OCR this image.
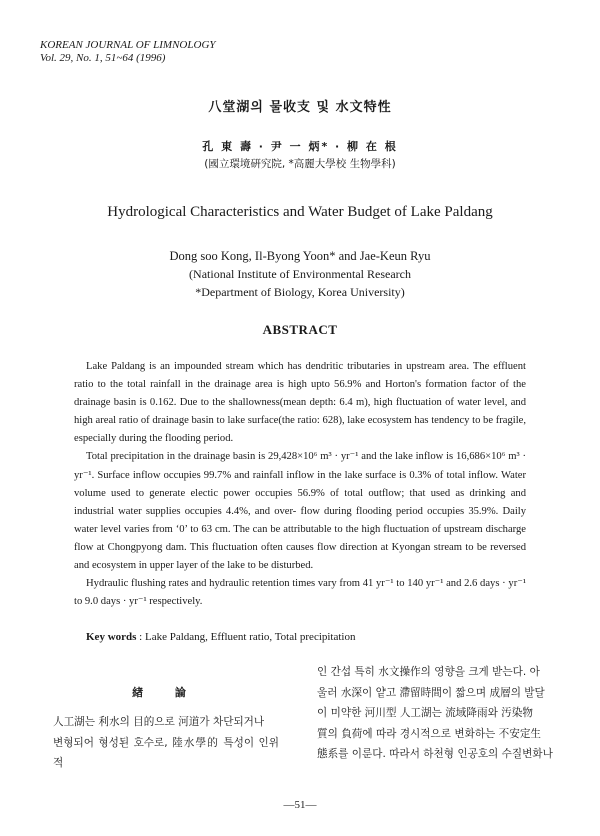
KOREAN JOURNAL OF LIMNOLOGY
Vol. 29, No. 1, 51~64 (1996)
八堂湖의 물收支 및 水文特性
孔 東 壽 · 尹 一 炳* · 柳 在 根
(國立環境硏究院, *高麗大學校 生物學科)
Hydrological Characteristics and Water Budget of Lake Paldang
Dong soo Kong, Il-Byong Yoon* and Jae-Keun Ryu
(National Institute of Environmental Research
*Department of Biology, Korea University)
ABSTRACT

Lake Paldang is an impounded stream which has dendritic tributaries in upstream area. The effluent ratio to the total rainfall in the drainage area is high upto 56.9% and Horton's formation factor of the drainage basin is 0.162. Due to the shallowness(mean depth: 6.4 m), high fluctuation of water level, and high areal ratio of drainage basin to lake surface(the ratio: 628), lake ecosystem has tendency to be fragile, especially during the flooding period.

Total precipitation in the drainage basin is 29,428×10⁶ m³ · yr⁻¹ and the lake inflow is 16,686×10⁶ m³ · yr⁻¹. Surface inflow occupies 99.7% and rainfall inflow in the lake surface is 0.3% of total inflow. Water volume used to generate electic power occupies 56.9% of total outflow; that used as drinking and industrial water supplies occupies 4.4%, and over- flow during flooding period occupies 35.9%. Daily water level varies from ‘0’ to 63 cm. The can be attributable to the high fluctuation of upstream discharge flow at Chongpyong dam. This fluctuation often causes flow direction at Kyongan stream to be reversed and ecosystem in upper layer of the lake to be disturbed.

Hydraulic flushing rates and hydraulic retention times vary from 41 yr⁻¹ to 140 yr⁻¹ and 2.6 days · yr⁻¹ to 9.0 days · yr⁻¹ respectively.

Key words : Lake Paldang, Effluent ratio, Total precipitation
緖 論
人工湖는 利水의 目的으로 河道가 차단되거나
변형되어 형성된 호수로, 陸水學的 특성이 인위적
인 간섭 특히 水文操作의 영향을 크게 받는다. 아
울러 水深이 얕고 滯留時間이 짧으며 成層의 발달
이 미약한 河川型 人工湖는 流域降雨와 汚染物
質의 負荷에 따라 경시적으로 변화하는 不安定生
態系를 이룬다. 따라서 하천형 인공호의 수질변화나
—51—
